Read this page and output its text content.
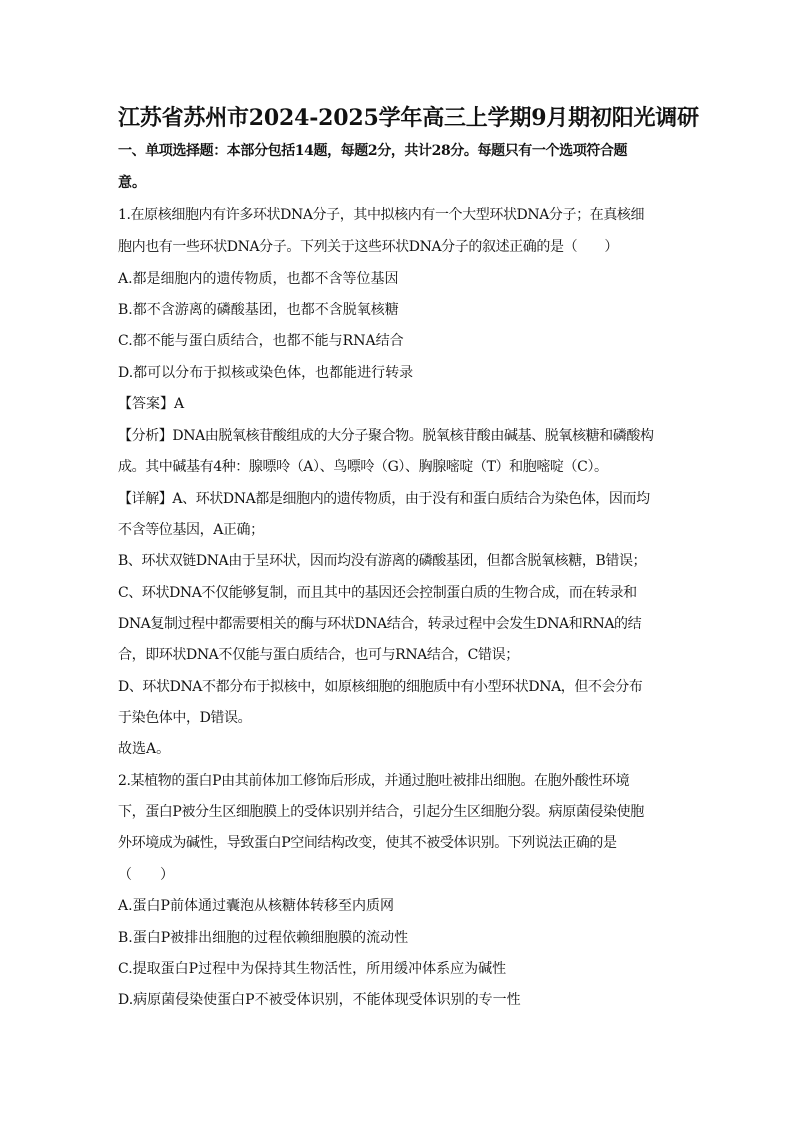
江苏省苏州市2024-2025学年高三上学期9月期初阳光调研
一、单项选择题：本部分包括14题，每题2分，共计28分。每题只有一个选项符合题
意。
1.在原核细胞内有许多环状DNA分子，其中拟核内有一个大型环状DNA分子；在真核细
胞内也有一些环状DNA分子。下列关于这些环状DNA分子的叙述正确的是（　　）
A.都是细胞内的遗传物质，也都不含等位基因
B.都不含游离的磷酸基团，也都不含脱氧核糖
C.都不能与蛋白质结合，也都不能与RNA结合
D.都可以分布于拟核或染色体，也都能进行转录
【答案】A
【分析】DNA由脱氧核苷酸组成的大分子聚合物。脱氧核苷酸由碱基、脱氧核糖和磷酸构
成。其中碱基有4种：腺嘌呤（A）、鸟嘌呤（G）、胸腺嘧啶（T）和胞嘧啶（C）。
【详解】A、环状DNA都是细胞内的遗传物质，由于没有和蛋白质结合为染色体，因而均
不含等位基因，A正确；
B、环状双链DNA由于呈环状，因而均没有游离的磷酸基团，但都含脱氧核糖，B错误；
C、环状DNA不仅能够复制，而且其中的基因还会控制蛋白质的生物合成，而在转录和
DNA复制过程中都需要相关的酶与环状DNA结合，转录过程中会发生DNA和RNA的结
合，即环状DNA不仅能与蛋白质结合，也可与RNA结合，C错误；
D、环状DNA不都分布于拟核中，如原核细胞的细胞质中有小型环状DNA，但不会分布
于染色体中，D错误。
故选A。
2.某植物的蛋白P由其前体加工修饰后形成，并通过胞吐被排出细胞。在胞外酸性环境
下，蛋白P被分生区细胞膜上的受体识别并结合，引起分生区细胞分裂。病原菌侵染使胞
外环境成为碱性，导致蛋白P空间结构改变，使其不被受体识别。下列说法正确的是
（　　）
A.蛋白P前体通过囊泡从核糖体转移至内质网
B.蛋白P被排出细胞的过程依赖细胞膜的流动性
C.提取蛋白P过程中为保持其生物活性，所用缓冲体系应为碱性
D.病原菌侵染使蛋白P不被受体识别，不能体现受体识别的专一性
